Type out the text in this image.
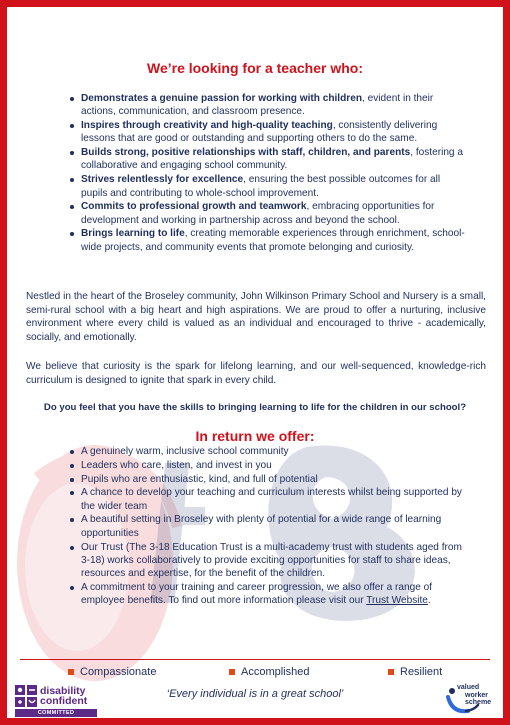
3-18
We’re looking for a teacher who:
Demonstrates a genuine passion for working with children, evident in their actions, communication, and classroom presence.
Inspires through creativity and high-quality teaching, consistently delivering lessons that are good or outstanding and supporting others to do the same.
Builds strong, positive relationships with staff, children, and parents, fostering a collaborative and engaging school community.
Strives relentlessly for excellence, ensuring the best possible outcomes for all pupils and contributing to whole-school improvement.
Commits to professional growth and teamwork, embracing opportunities for development and working in partnership across and beyond the school.
Brings learning to life, creating memorable experiences through enrichment, school-wide projects, and community events that promote belonging and curiosity.

Nestled in the heart of the Broseley community, John Wilkinson Primary School and Nursery is a small, semi-rural school with a big heart and high aspirations. We are proud to offer a nurturing, inclusive environment where every child is valued as an individual and encouraged to thrive - academically, socially, and emotionally.

We believe that curiosity is the spark for lifelong learning, and our well-sequenced, knowledge-rich curriculum is designed to ignite that spark in every child.

Do you feel that you have the skills to bringing learning to life for the children in our school?
In return we offer:
A genuinely warm, inclusive school community
Leaders who care, listen, and invest in you
Pupils who are enthusiastic, kind, and full of potential
A chance to develop your teaching and curriculum interests whilst being supported by the wider team
A beautiful setting in Broseley with plenty of potential for a wide range of learning opportunities
Our Trust (The 3-18 Education Trust is a multi-academy trust with students aged from 3-18) works collaboratively to provide exciting opportunities for staff to share ideas, resources and expertise, for the benefit of the children.
A commitment to your training and career progression, we also offer a range of employee benefits. To find out more information please visit our Trust Website.
Compassionate	Accomplished	Resilient
‘Every individual is in a great school’
disability
confident
COMMITTED
valued
worker
scheme
